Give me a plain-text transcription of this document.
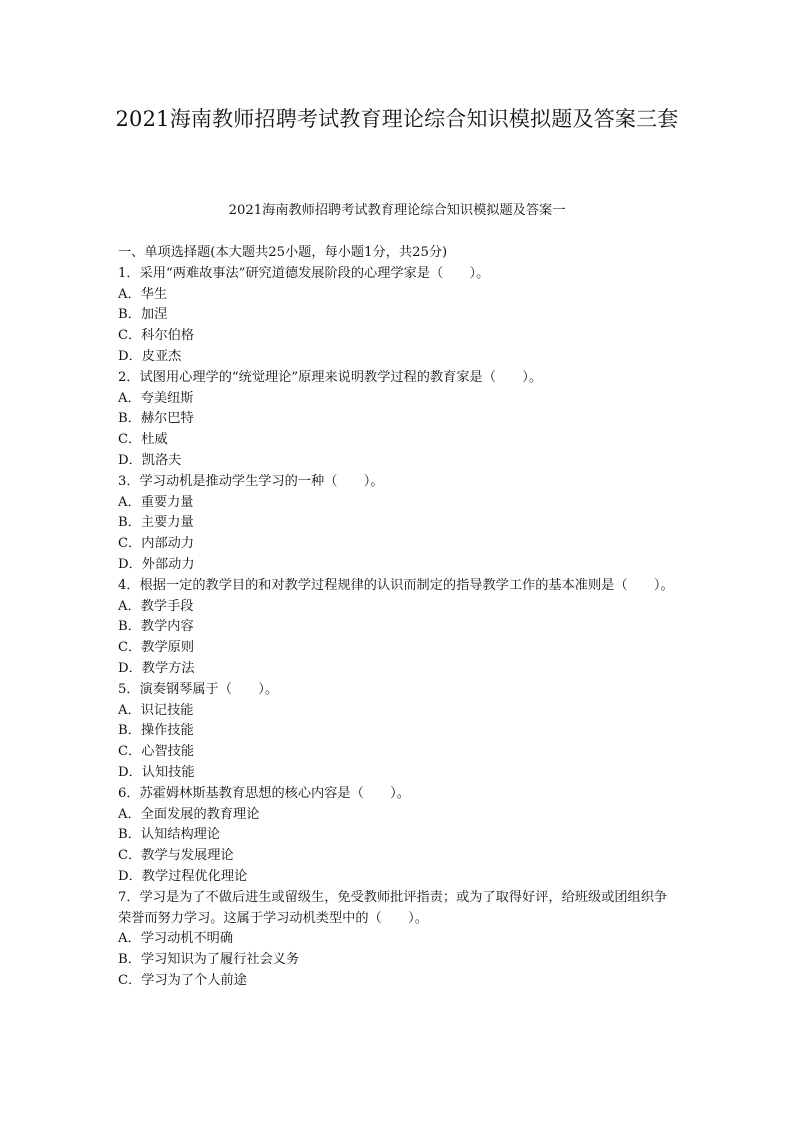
2021海南教师招聘考试教育理论综合知识模拟题及答案三套
2021海南教师招聘考试教育理论综合知识模拟题及答案一
一、单项选择题(本大题共25小题，每小题1分，共25分)
1．采用“两难故事法”研究道德发展阶段的心理学家是（　　）。
A．华生
B．加涅
C．科尔伯格
D．皮亚杰
2．试图用心理学的“统觉理论”原理来说明教学过程的教育家是（　　）。
A．夸美纽斯
B．赫尔巴特
C．杜威
D．凯洛夫
3．学习动机是推动学生学习的一种（　　）。
A．重要力量
B．主要力量
C．内部动力
D．外部动力
4．根据一定的教学目的和对教学过程规律的认识而制定的指导教学工作的基本准则是（　　）。
A．教学手段
B．教学内容
C．教学原则
D．教学方法
5．演奏钢琴属于（　　）。
A．识记技能
B．操作技能
C．心智技能
D．认知技能
6．苏霍姆林斯基教育思想的核心内容是（　　）。
A．全面发展的教育理论
B．认知结构理论
C．教学与发展理论
D．教学过程优化理论
7．学习是为了不做后进生或留级生，免受教师批评指责；或为了取得好评，给班级或团组织争荣誉而努力学习。这属于学习动机类型中的（　　）。
A．学习动机不明确
B．学习知识为了履行社会义务
C．学习为了个人前途
